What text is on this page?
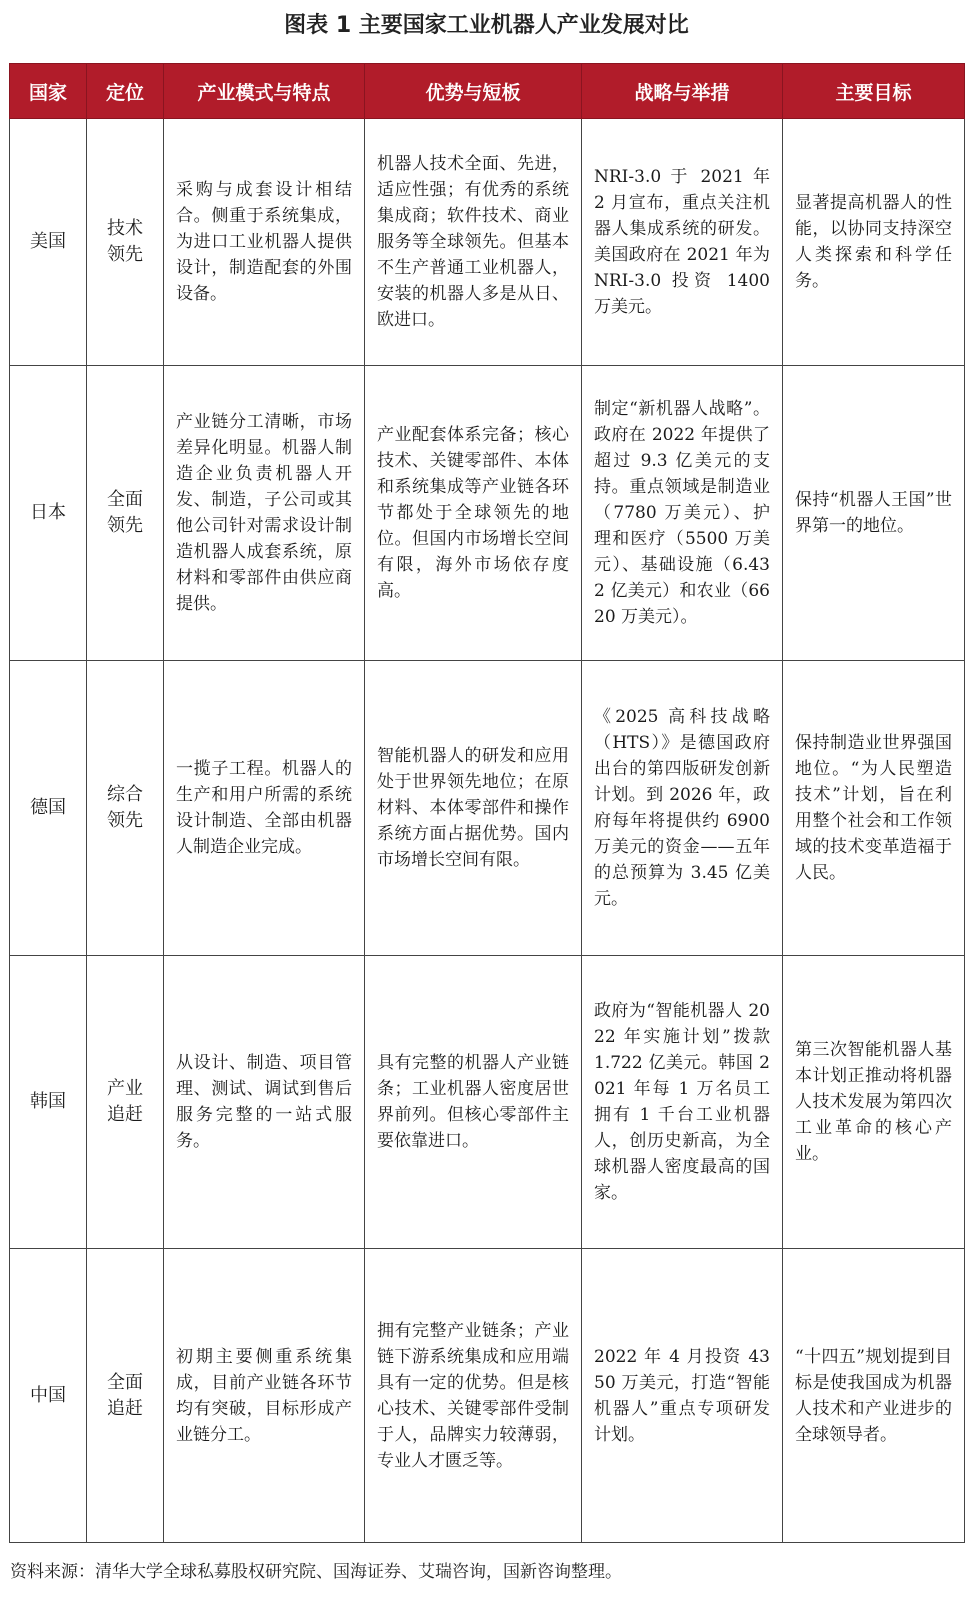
图表 1 主要国家工业机器人产业发展对比
国家	定位	产业模式与特点	优势与短板	战略与举措	主要目标
美国	技术领先	采购与成套设计相结合。侧重于系统集成，为进口工业机器人提供设计，制造配套的外围设备。	机器人技术全面、先进，适应性强；有优秀的系统集成商；软件技术、商业服务等全球领先。但基本不生产普通工业机器人，安装的机器人多是从日、欧进口。	NRI-3.0 于 2021 年 2 月宣布，重点关注机器人集成系统的研发。美国政府在 2021 年为 NRI-3.0 投资 1400 万美元。	显著提高机器人的性能，以协同支持深空人类探索和科学任务。
日本	全面领先	产业链分工清晰，市场差异化明显。机器人制造企业负责机器人开发、制造，子公司或其他公司针对需求设计制造机器人成套系统，原材料和零部件由供应商提供。	产业配套体系完备；核心技术、关键零部件、本体和系统集成等产业链各环节都处于全球领先的地位。但国内市场增长空间有限，海外市场依存度高。	制定“新机器人战略”。政府在 2022 年提供了超过 9.3 亿美元的支持。重点领域是制造业（7780 万美元）、护理和医疗（5500 万美元）、基础设施（6.432 亿美元）和农业（6620 万美元）。	保持“机器人王国”世界第一的地位。
德国	综合领先	一揽子工程。机器人的生产和用户所需的系统设计制造、全部由机器人制造企业完成。	智能机器人的研发和应用处于世界领先地位；在原材料、本体零部件和操作系统方面占据优势。国内市场增长空间有限。	《2025 高科技战略（HTS）》是德国政府出台的第四版研发创新计划。到 2026 年，政府每年将提供约 6900 万美元的资金——五年的总预算为 3.45 亿美元。	保持制造业世界强国地位。“为人民塑造技术”计划，旨在利用整个社会和工作领域的技术变革造福于人民。
韩国	产业追赶	从设计、制造、项目管理、测试、调试到售后服务完整的一站式服务。	具有完整的机器人产业链条；工业机器人密度居世界前列。但核心零部件主要依靠进口。	政府为“智能机器人 2022 年实施计划”拨款 1.722 亿美元。韩国 2021 年每 1 万名员工拥有 1 千台工业机器人，创历史新高，为全球机器人密度最高的国家。	第三次智能机器人基本计划正推动将机器人技术发展为第四次工业革命的核心产业。
中国	全面追赶	初期主要侧重系统集成，目前产业链各环节均有突破，目标形成产业链分工。	拥有完整产业链条；产业链下游系统集成和应用端具有一定的优势。但是核心技术、关键零部件受制于人，品牌实力较薄弱，专业人才匮乏等。	2022 年 4 月投资 4350 万美元，打造“智能机器人”重点专项研发计划。	“十四五”规划提到目标是使我国成为机器人技术和产业进步的全球领导者。
资料来源：清华大学全球私募股权研究院、国海证券、艾瑞咨询，国新咨询整理。
